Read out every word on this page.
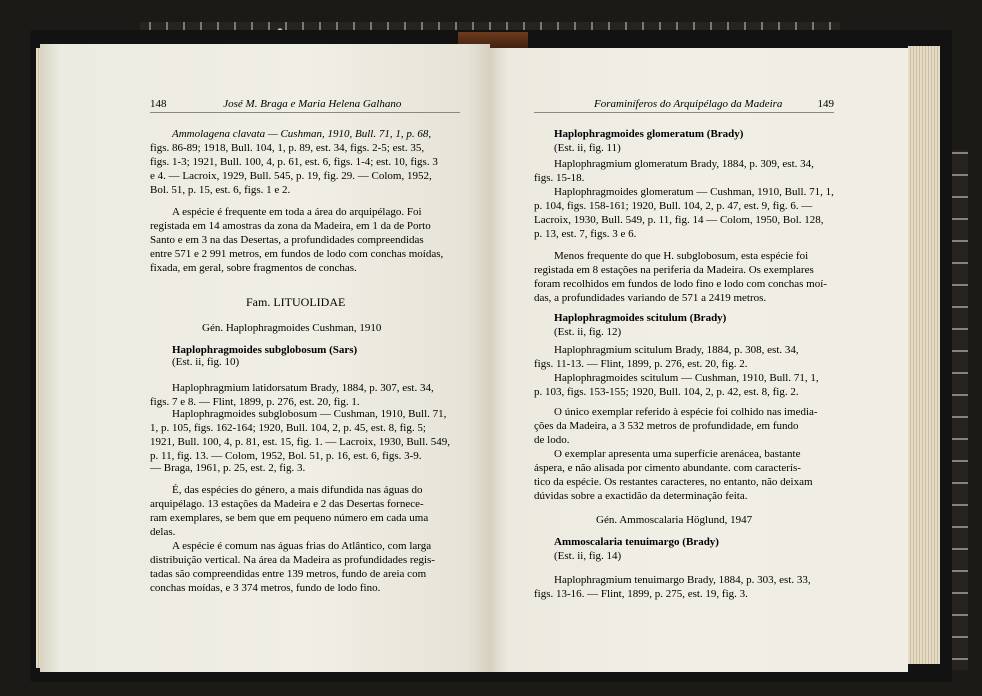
148	José M. Braga e Maria Helena Galhano
Ammolagena clavata — Cushman, 1910, Bull. 71, 1, p. 68,
figs. 86-89; 1918, Bull. 104, 1, p. 89, est. 34, figs. 2-5; est. 35,
figs. 1-3; 1921, Bull. 100, 4, p. 61, est. 6, figs. 1-4; est. 10, figs. 3
e 4. — Lacroix, 1929, Bull. 545, p. 19, fig. 29. — Colom, 1952,
Bol. 51, p. 15, est. 6, figs. 1 e 2.
A espécie é frequente em toda a área do arquipélago. Foi
registada em 14 amostras da zona da Madeira, em 1 da de Porto
Santo e em 3 na das Desertas, a profundidades compreendidas
entre 571 e 2 991 metros, em fundos de lodo com conchas moídas,
fixada, em geral, sobre fragmentos de conchas.
Fam. LITUOLIDAE
Gén. Haplophragmoides Cushman, 1910
Haplophragmoides subglobosum (Sars)
(Est. ii, fig. 10)
Haplophragmium latidorsatum Brady, 1884, p. 307, est. 34,
figs. 7 e 8. — Flint, 1899, p. 276, est. 20, fig. 1.
Haplophragmoides subglobosum — Cushman, 1910, Bull. 71,
1, p. 105, figs. 162-164; 1920, Bull. 104, 2, p. 45, est. 8, fig. 5;
1921, Bull. 100, 4, p. 81, est. 15, fig. 1. — Lacroix, 1930, Bull. 549,
p. 11, fig. 13. — Colom, 1952, Bol. 51, p. 16, est. 6, figs. 3-9.
— Braga, 1961, p. 25, est. 2, fig. 3.
É, das espécies do género, a mais difundida nas águas do
arquipélago. 13 estações da Madeira e 2 das Desertas fornece-
ram exemplares, se bem que em pequeno número em cada uma
delas.
A espécie é comum nas águas frias do Atlântico, com larga
distribuição vertical. Na área da Madeira as profundidades regis-
tadas são compreendidas entre 139 metros, fundo de areia com
conchas moídas, e 3 374 metros, fundo de lodo fino.
Foraminíferos do Arquipélago da Madeira	149
Haplophragmoides glomeratum (Brady)
(Est. ii, fig. 11)
Haplophragmium glomeratum Brady, 1884, p. 309, est. 34,
figs. 15-18.
Haplophragmoides glomeratum — Cushman, 1910, Bull. 71, 1,
p. 104, figs. 158-161; 1920, Bull. 104, 2, p. 47, est. 9, fig. 6. —
Lacroix, 1930, Bull. 549, p. 11, fig. 14 — Colom, 1950, Bol. 128,
p. 13, est. 7, figs. 3 e 6.
Menos frequente do que H. subglobosum, esta espécie foi
registada em 8 estações na periferia da Madeira. Os exemplares
foram recolhidos em fundos de lodo fino e lodo com conchas moí-
das, a profundidades variando de 571 a 2419 metros.
Haplophragmoides scitulum (Brady)
(Est. ii, fig. 12)
Haplophragmium scitulum Brady, 1884, p. 308, est. 34,
figs. 11-13. — Flint, 1899, p. 276, est. 20, fig. 2.
Haplophragmoides scitulum — Cushman, 1910, Bull. 71, 1,
p. 103, figs. 153-155; 1920, Bull. 104, 2, p. 42, est. 8, fig. 2.
O único exemplar referido à espécie foi colhido nas imedia-
ções da Madeira, a 3 532 metros de profundidade, em fundo
de lodo.
O exemplar apresenta uma superfície arenácea, bastante
áspera, e não alisada por cimento abundante. com caracterís-
tico da espécie. Os restantes caracteres, no entanto, não deixam
dúvidas sobre a exactidão da determinação feita.
Gén. Ammoscalaria Höglund, 1947
Ammoscalaria tenuimargo (Brady)
(Est. ii, fig. 14)
Haplophragmium tenuimargo Brady, 1884, p. 303, est. 33,
figs. 13-16. — Flint, 1899, p. 275, est. 19, fig. 3.
